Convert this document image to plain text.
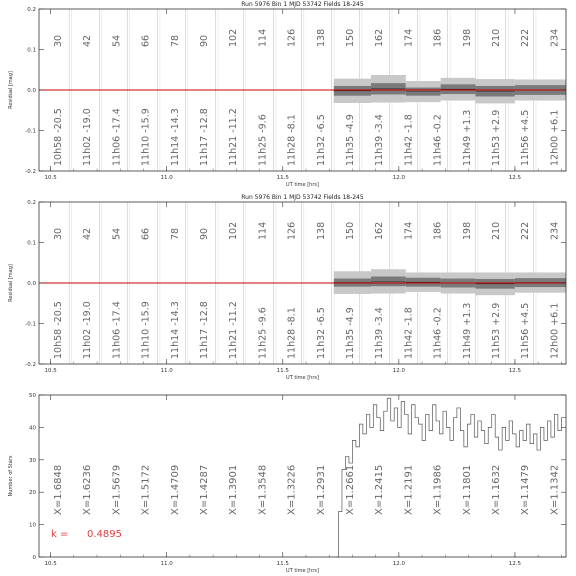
Run 5976 Bin 1 MJD 53742 Fields 18-245
30 42 54 66 78 90 102 114 126 138 150 162 174 186 198 210 222 234
10h58 -20.5 11h02 -19.0 11h06 -17.4 11h10 -15.9 11h14 -14.3 11h17 -12.8 11h21 -11.2 11h25 -9.6 11h28 -8.1 11h32 -6.5 11h35 -4.9 11h39 -3.4 11h42 -1.8 11h46 -0.2 11h49 +1.3 11h53 +2.9 11h56 +4.5 12h00 +6.1
10.5	11.0	11.5	12.0	12.5
-0.2
-0.1
0.0
0.1
0.2
UT time [hrs]
Residual [mag]
Run 5976 Bin 1 MJD 53742 Fields 18-245
30 42 54 66 78 90 102 114 126 138 150 162 174 186 198 210 222 234
10h58 -20.5 11h02 -19.0 11h06 -17.4 11h10 -15.9 11h14 -14.3 11h17 -12.8 11h21 -11.2 11h25 -9.6 11h28 -8.1 11h32 -6.5 11h35 -4.9 11h39 -3.4 11h42 -1.8 11h46 -0.2 11h49 +1.3 11h53 +2.9 11h56 +4.5 12h00 +6.1
10.5	11.0	11.5	12.0	12.5
-0.2
-0.1
0.0
0.1
0.2
UT time [hrs]
Residual [mag]
X=1.6848 X=1.6236 X=1.5679 X=1.5172 X=1.4709 X=1.4287 X=1.3901 X=1.3548 X=1.3226 X=1.2931 X=1.2661 X=1.2415 X=1.2191 X=1.1986 X=1.1801 X=1.1632 X=1.1479 X=1.1342
k = 0.4895
10.5	11.0	11.5	12.0	12.5
0
10
20
30
40
50
UT time [hrs]
Number of Stars
